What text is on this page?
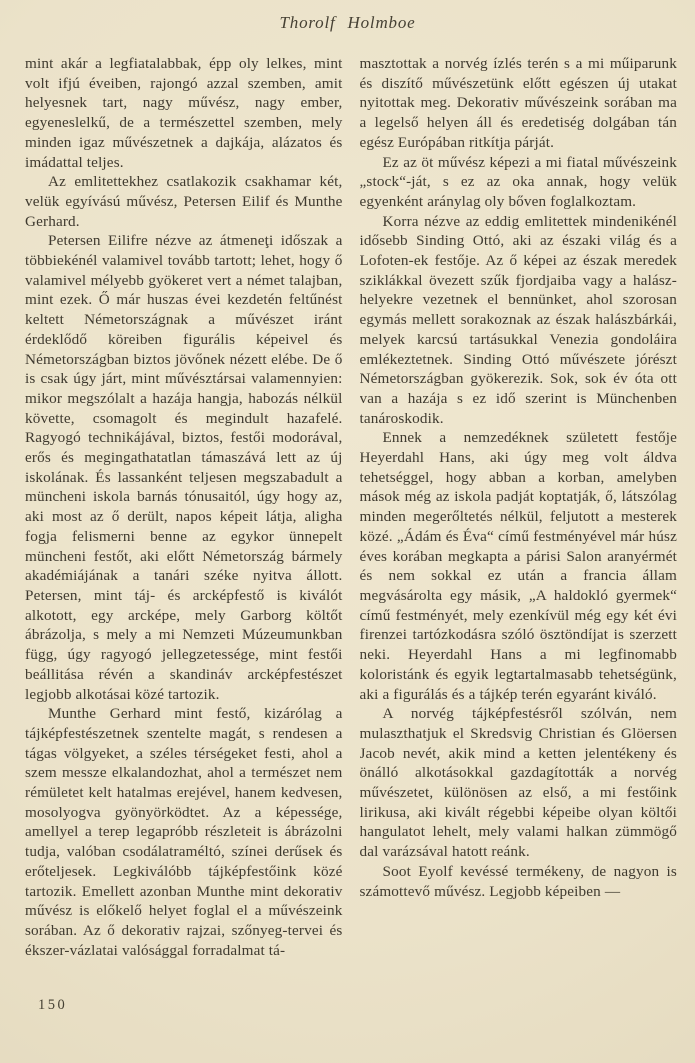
Thorolf Holmboe

mint akár a legfiatalabbak, épp oly lelkes, mint volt ifjú éveiben, rajongó azzal szemben, amit helyesnek tart, nagy művész, nagy ember, egyeneslelkű, de a természettel szemben, mely minden igaz művészetnek a dajkája, alázatos és imádattal teljes.

Az emlitettekhez csatlakozik csakhamar két, velük egyívású művész, Petersen Eilif és Munthe Gerhard.

Petersen Eilifre nézve az átmeneţi időszak a többiekénél valamivel tovább tartott; lehet, hogy ő valamivel mélyebb gyökeret vert a német talajban, mint ezek. Ő már huszas évei kezdetén feltűnést keltett Németországnak a művészet iránt érdeklődő köreiben figurális képeivel és Németországban biztos jövőnek nézett elébe. De ő is csak úgy járt, mint művésztársai valamennyien: mikor megszólalt a hazája hangja, habozás nélkül követte, csomagolt és megindult hazafelé. Ragyogó technikájával, biztos, festői modorával, erős és megingathatatlan támaszává lett az új iskolának. És lassanként teljesen megszabadult a müncheni iskola barnás tónusaitól, úgy hogy az, aki most az ő derült, napos képeit látja, aligha fogja felismerni benne az egykor ünnepelt müncheni festőt, aki előtt Németország bármely akadémiájának a tanári széke nyitva állott. Petersen, mint táj- és arcképfestő is kiválót alkotott, egy arcképe, mely Garborg költőt ábrázolja, s mely a mi Nemzeti Múzeumunkban függ, úgy ragyogó jellegzetessége, mint festői beállitása révén a skandináv arcképfestészet legjobb alkotásai közé tartozik.

Munthe Gerhard mint festő, kizárólag a tájképfestészetnek szentelte magát, s rendesen a tágas völgyeket, a széles térségeket festi, ahol a szem messze elkalandozhat, ahol a természet nem rémületet kelt hatalmas erejével, hanem kedvesen, mosolyogva gyönyörködtet. Az a képessége, amellyel a terep legapróbb részleteit is ábrázolni tudja, valóban csodálatraméltó, színei derűsek és erőteljesek. Legkiválóbb tájképfestőink közé tartozik. Emellett azonban Munthe mint dekorativ művész is előkelő helyet foglal el a művészeink sorában. Az ő dekorativ rajzai, szőnyeg-tervei és ékszer-vázlatai valósággal forradalmat tá-

masztottak a norvég ízlés terén s a mi műiparunk és diszítő művészetünk előtt egészen új utakat nyitottak meg. Dekorativ művészeink sorában ma a legelső helyen áll és eredetiség dolgában tán egész Európában ritkítja párját.

Ez az öt művész képezi a mi fiatal művészeink „stock“-ját, s ez az oka annak, hogy velük egyenként aránylag oly bőven foglalkoztam.

Korra nézve az eddig emlitettek mindenikénél idősebb Sinding Ottó, aki az északi világ és a Lofoten-ek festője. Az ő képei az észak meredek sziklákkal övezett szűk fjordjaiba vagy a halász-helyekre vezetnek el bennünket, ahol szorosan egymás mellett sorakoznak az észak halászbárkái, melyek karcsú tartásukkal Venezia gondoláira emlékeztetnek. Sinding Ottó művészete jórészt Németországban gyökerezik. Sok, sok év óta ott van a hazája s ez idő szerint is Münchenben tanároskodik.

Ennek a nemzedéknek született festője Heyerdahl Hans, aki úgy meg volt áldva tehetséggel, hogy abban a korban, amelyben mások még az iskola padját koptatják, ő, látszólag minden megerőltetés nélkül, feljutott a mesterek közé. „Ádám és Éva“ című festményével már húsz éves korában megkapta a párisi Salon aranyérmét és nem sokkal ez után a francia állam megvásárolta egy másik, „A haldokló gyermek“ című festményét, mely ezenkívül még egy két évi firenzei tartózkodásra szóló ösztöndíjat is szerzett neki. Heyerdahl Hans a mi legfinomabb koloristánk és egyik legtartalmasabb tehetségünk, aki a figurálás és a tájkép terén egyaránt kiváló.

A norvég tájképfestésről szólván, nem mulaszthatjuk el Skredsvig Christian és Glöersen Jacob nevét, akik mind a ketten jelentékeny és önálló alkotásokkal gazdagították a norvég művészetet, különösen az első, a mi festőink lirikusa, aki kivált régebbi képeibe olyan költői hangulatot lehelt, mely valami halkan zümmögő dal varázsával hatott reánk.

Soot Eyolf kevéssé termékeny, de nagyon is számottevő művész. Legjobb képeiben —

150
